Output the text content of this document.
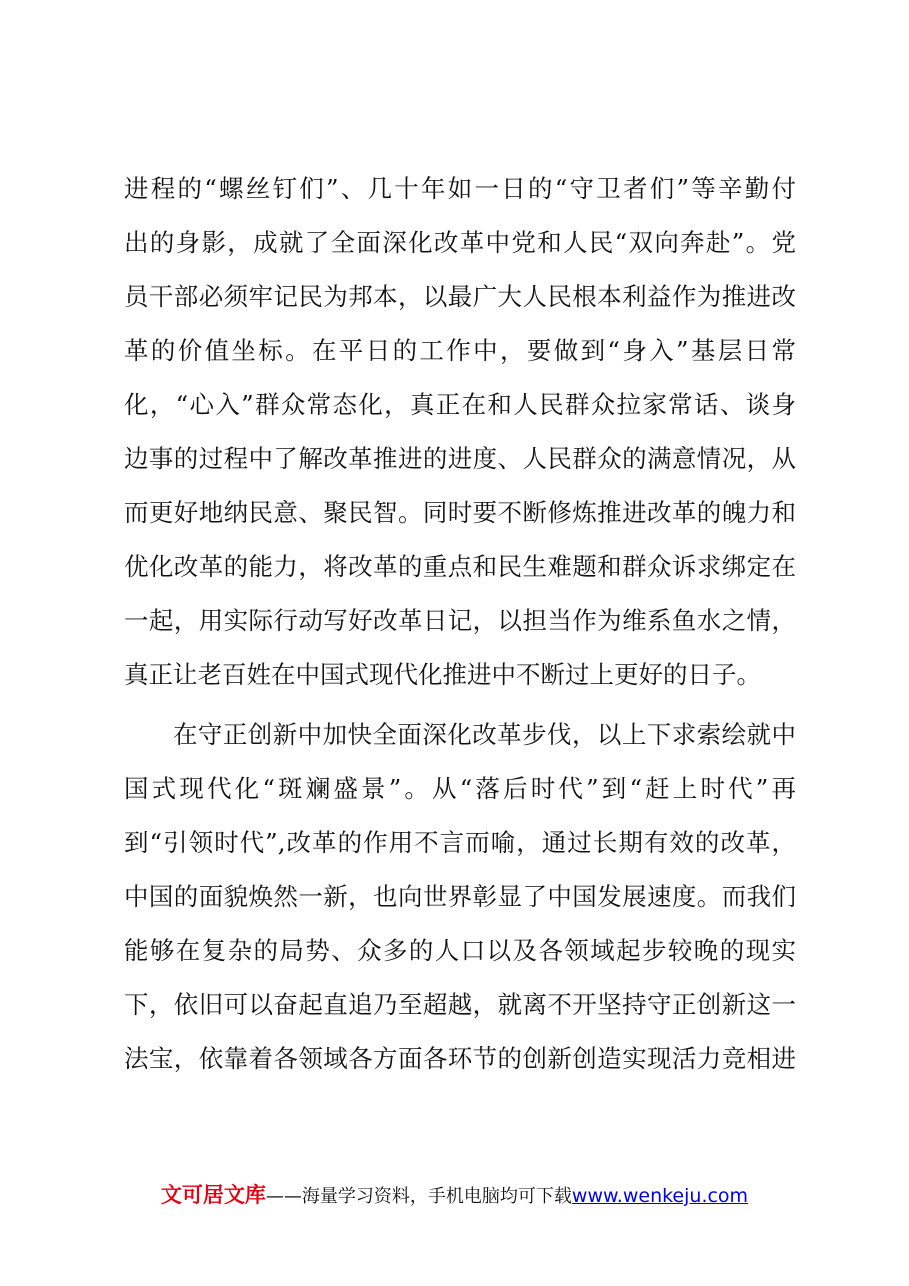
进程的“螺丝钉们”、几十年如一日的“守卫者们”等辛勤付
出的身影，成就了全面深化改革中党和人民“双向奔赴”。党
员干部必须牢记民为邦本，以最广大人民根本利益作为推进改
革的价值坐标。在平日的工作中，要做到“身入”基层日常
化，“心入”群众常态化，真正在和人民群众拉家常话、谈身
边事的过程中了解改革推进的进度、人民群众的满意情况，从
而更好地纳民意、聚民智。同时要不断修炼推进改革的魄力和
优化改革的能力，将改革的重点和民生难题和群众诉求绑定在
一起，用实际行动写好改革日记，以担当作为维系鱼水之情，
真正让老百姓在中国式现代化推进中不断过上更好的日子。
在守正创新中加快全面深化改革步伐，以上下求索绘就中
国式现代化“斑斓盛景”。从“落后时代”到“赶上时代”再
到“引领时代”,改革的作用不言而喻，通过长期有效的改革，
中国的面貌焕然一新，也向世界彰显了中国发展速度。而我们
能够在复杂的局势、众多的人口以及各领域起步较晚的现实
下，依旧可以奋起直追乃至超越，就离不开坚持守正创新这一
法宝，依靠着各领域各方面各环节的创新创造实现活力竞相进
文可居文库——海量学习资料，手机电脑均可下载www.wenkeju.com
